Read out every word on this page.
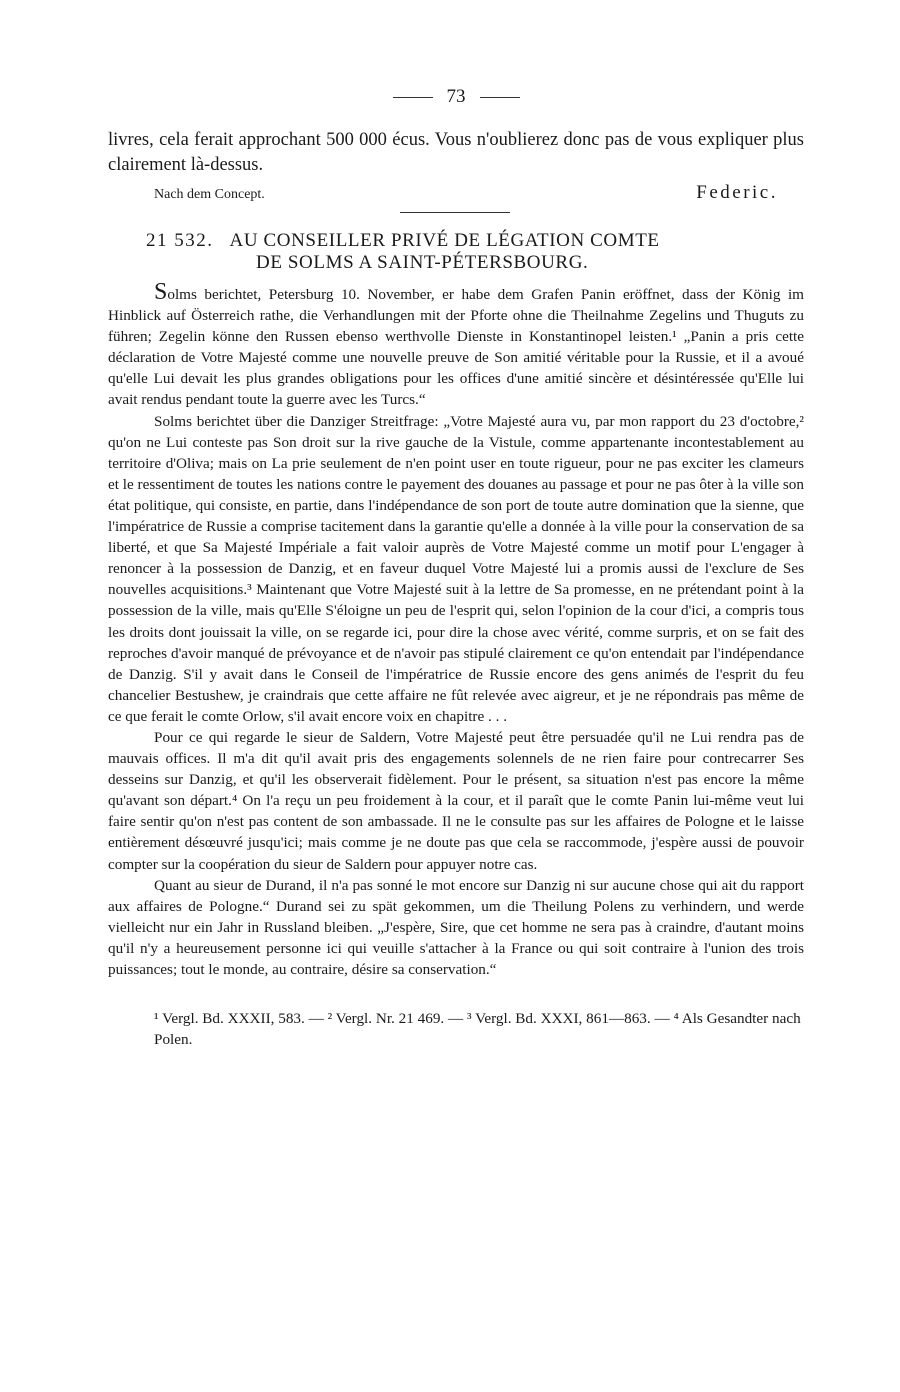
73
livres, cela ferait approchant 500 000 écus. Vous n'oublierez donc pas de vous expliquer plus clairement là-dessus.
Nach dem Concept.	Federic.
21 532. AU CONSEILLER PRIVÉ DE LÉGATION COMTE
DE SOLMS A SAINT-PÉTERSBOURG.

Solms berichtet, Petersburg 10. November, er habe dem Grafen Panin eröffnet, dass der König im Hinblick auf Österreich rathe, die Verhandlungen mit der Pforte ohne die Theilnahme Zegelins und Thuguts zu führen; Zegelin könne den Russen ebenso werthvolle Dienste in Konstantinopel leisten.¹ „Panin a pris cette déclaration de Votre Majesté comme une nouvelle preuve de Son amitié véritable pour la Russie, et il a avoué qu'elle Lui devait les plus grandes obligations pour les offices d'une amitié sincère et désintéressée qu'Elle lui avait rendus pendant toute la guerre avec les Turcs.“

Solms berichtet über die Danziger Streitfrage: „Votre Majesté aura vu, par mon rapport du 23 d'octobre,² qu'on ne Lui conteste pas Son droit sur la rive gauche de la Vistule, comme appartenante incontestablement au territoire d'Oliva; mais on La prie seulement de n'en point user en toute rigueur, pour ne pas exciter les clameurs et le ressentiment de toutes les nations contre le payement des douanes au passage et pour ne pas ôter à la ville son état politique, qui consiste, en partie, dans l'indépendance de son port de toute autre domination que la sienne, que l'impératrice de Russie a comprise tacitement dans la garantie qu'elle a donnée à la ville pour la conservation de sa liberté, et que Sa Majesté Impériale a fait valoir auprès de Votre Majesté comme un motif pour L'engager à renoncer à la possession de Danzig, et en faveur duquel Votre Majesté lui a promis aussi de l'exclure de Ses nouvelles acquisitions.³ Maintenant que Votre Majesté suit à la lettre de Sa promesse, en ne prétendant point à la possession de la ville, mais qu'Elle S'éloigne un peu de l'esprit qui, selon l'opinion de la cour d'ici, a compris tous les droits dont jouissait la ville, on se regarde ici, pour dire la chose avec vérité, comme surpris, et on se fait des reproches d'avoir manqué de prévoyance et de n'avoir pas stipulé clairement ce qu'on entendait par l'indépendance de Danzig. S'il y avait dans le Conseil de l'impératrice de Russie encore des gens animés de l'esprit du feu chancelier Bestushew, je craindrais que cette affaire ne fût relevée avec aigreur, et je ne répondrais pas même de ce que ferait le comte Orlow, s'il avait encore voix en chapitre . . .

Pour ce qui regarde le sieur de Saldern, Votre Majesté peut être persuadée qu'il ne Lui rendra pas de mauvais offices. Il m'a dit qu'il avait pris des engagements solennels de ne rien faire pour contrecarrer Ses desseins sur Danzig, et qu'il les observerait fidèlement. Pour le présent, sa situation n'est pas encore la même qu'avant son départ.⁴ On l'a reçu un peu froidement à la cour, et il paraît que le comte Panin lui-même veut lui faire sentir qu'on n'est pas content de son ambassade. Il ne le consulte pas sur les affaires de Pologne et le laisse entièrement désœuvré jusqu'ici; mais comme je ne doute pas que cela se raccommode, j'espère aussi de pouvoir compter sur la coopération du sieur de Saldern pour appuyer notre cas.

Quant au sieur de Durand, il n'a pas sonné le mot encore sur Danzig ni sur aucune chose qui ait du rapport aux affaires de Pologne.“ Durand sei zu spät gekommen, um die Theilung Polens zu verhindern, und werde vielleicht nur ein Jahr in Russland bleiben. „J'espère, Sire, que cet homme ne sera pas à craindre, d'autant moins qu'il n'y a heureusement personne ici qui veuille s'attacher à la France ou qui soit contraire à l'union des trois puissances; tout le monde, au contraire, désire sa conservation.“

¹ Vergl. Bd. XXXII, 583. — ² Vergl. Nr. 21 469. — ³ Vergl. Bd. XXXI, 861—863. — ⁴ Als Gesandter nach Polen.
